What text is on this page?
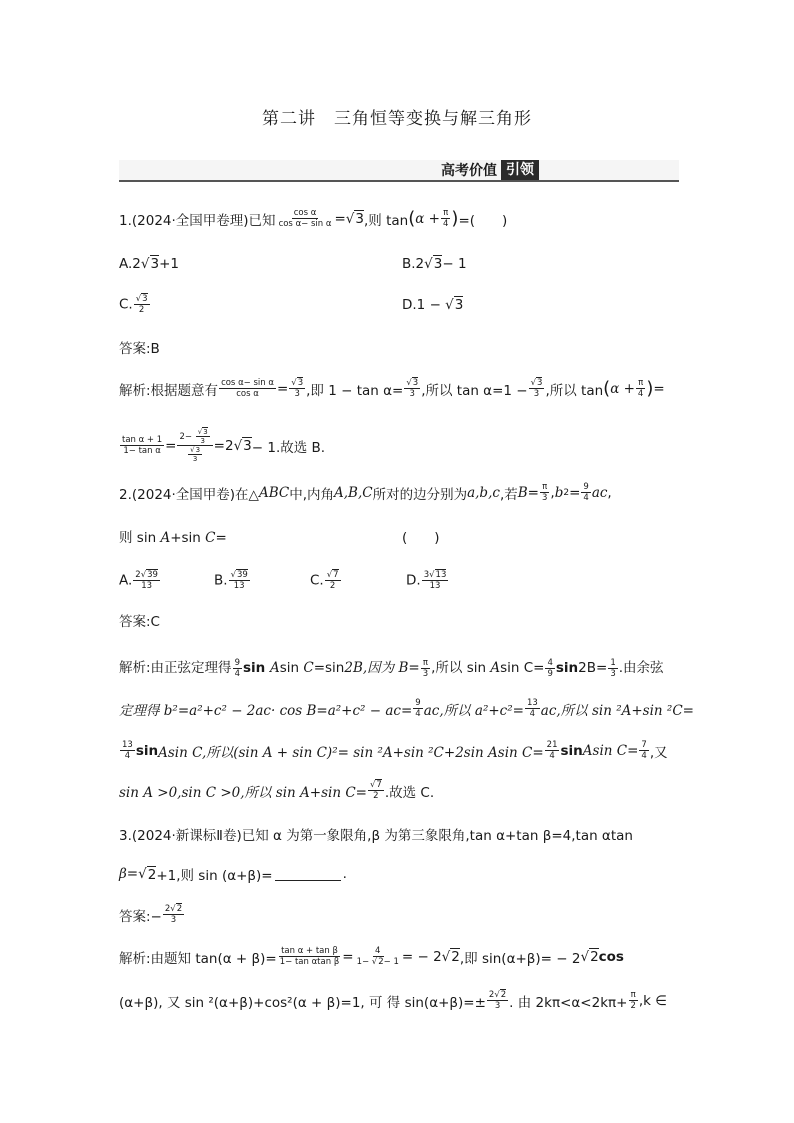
第二讲　三角恒等变换与解三角形
高考价值 引领
1.(2024·全国甲卷理)已知 $\frac{\text{cos α}}{\text{cos α− sin α}} = √3$ ,则 tan ( $\alpha + \frac{\pi}{4}$ ) =(　　)
A.2√3+1	B.2√3− 1
C. $\frac{√3}{2}$	D.1 − √3
答案:B
解析:根据题意有 $\frac{\text{cos α− sin α}}{\text{cos α}} = \frac{√3}{3}$ ,即 $1 - \tan \alpha= \frac{√3}{3}$ ,所以 $\tan \alpha=1 - \frac{√3}{3}$ ,所以 tan ( $\alpha + \frac{\pi}{4}$ ) =
$\frac{\text{tan α + 1}}{\text{1− tan α}} = \frac{2- \frac{√3}{3}}{\frac{√3}{3}} =2$ √ 3 − 1.故选 B.
2.(2024·全国甲卷)在△ ABC 中,内角 A,B,C 所对的边分别为 a,b,c ,若 $B = \frac{\pi}{3}$ , b $2 = \frac{9}{4}$ ac ,
则 sin A+sin C=	(　　)
A. $\frac{2√39}{13}$	B. $\frac{√39}{13}$	C. $\frac{√7}{2}$	D. $\frac{3√13}{13}$
答案:C
解析:由正弦定理得 $\frac{9}{4}$ sin Asin C=sin2B,因为 $B= \frac{\pi}{3}$ ,所以 sin Asin $C= \frac{4}{9} \sin 2B= \frac{1}{3}$ .由余弦
定理得 $b^2=a^2+c^2 - 2ac\cdot \cos B=a^2+c^2 - ac= \frac{9}{4}$ ac,所以 $a^2+c^2= \frac{13}{4}$ ac,所以 sin ²A+sin ²C=
$\frac{13}{4}$ sin Asin C,所以(sin A + sin C)²= sin ²A+sin ²C+2sin Asin $C= \frac{21}{4}$ sin Asin $C= \frac{7}{4}$ ,又
sin A >0,sin C >0,所以 sin A+sin $C= \frac{√7}{2}$ .故选 C.
3.(2024·新课标Ⅱ卷)已知 α 为第一象限角,β 为第三象限角,tan α+tan β=4,tan αtan
β= √ 2 +1,则 sin (α+β)=	.
答案:− $\frac{2√2}{3}$
解析:由题知 $\tan(\alpha + \beta)= \frac{\text{tan α + tan β}}{\text{1− tan αtan β}} = \frac{4}{1- √2- 1}$ = − 2 √ 2 ,即 sin(α+β)= − 2 √ 2 cos
(α+β), 又 sin ²(α+β)+cos²(α + β)=1, 可 得 $\sin(\alpha+\beta)=\pm \frac{2√2}{3}$ . 由 $2k\pi<\alpha<2k\pi+ \frac{\pi}{2} ,k$ ∈
